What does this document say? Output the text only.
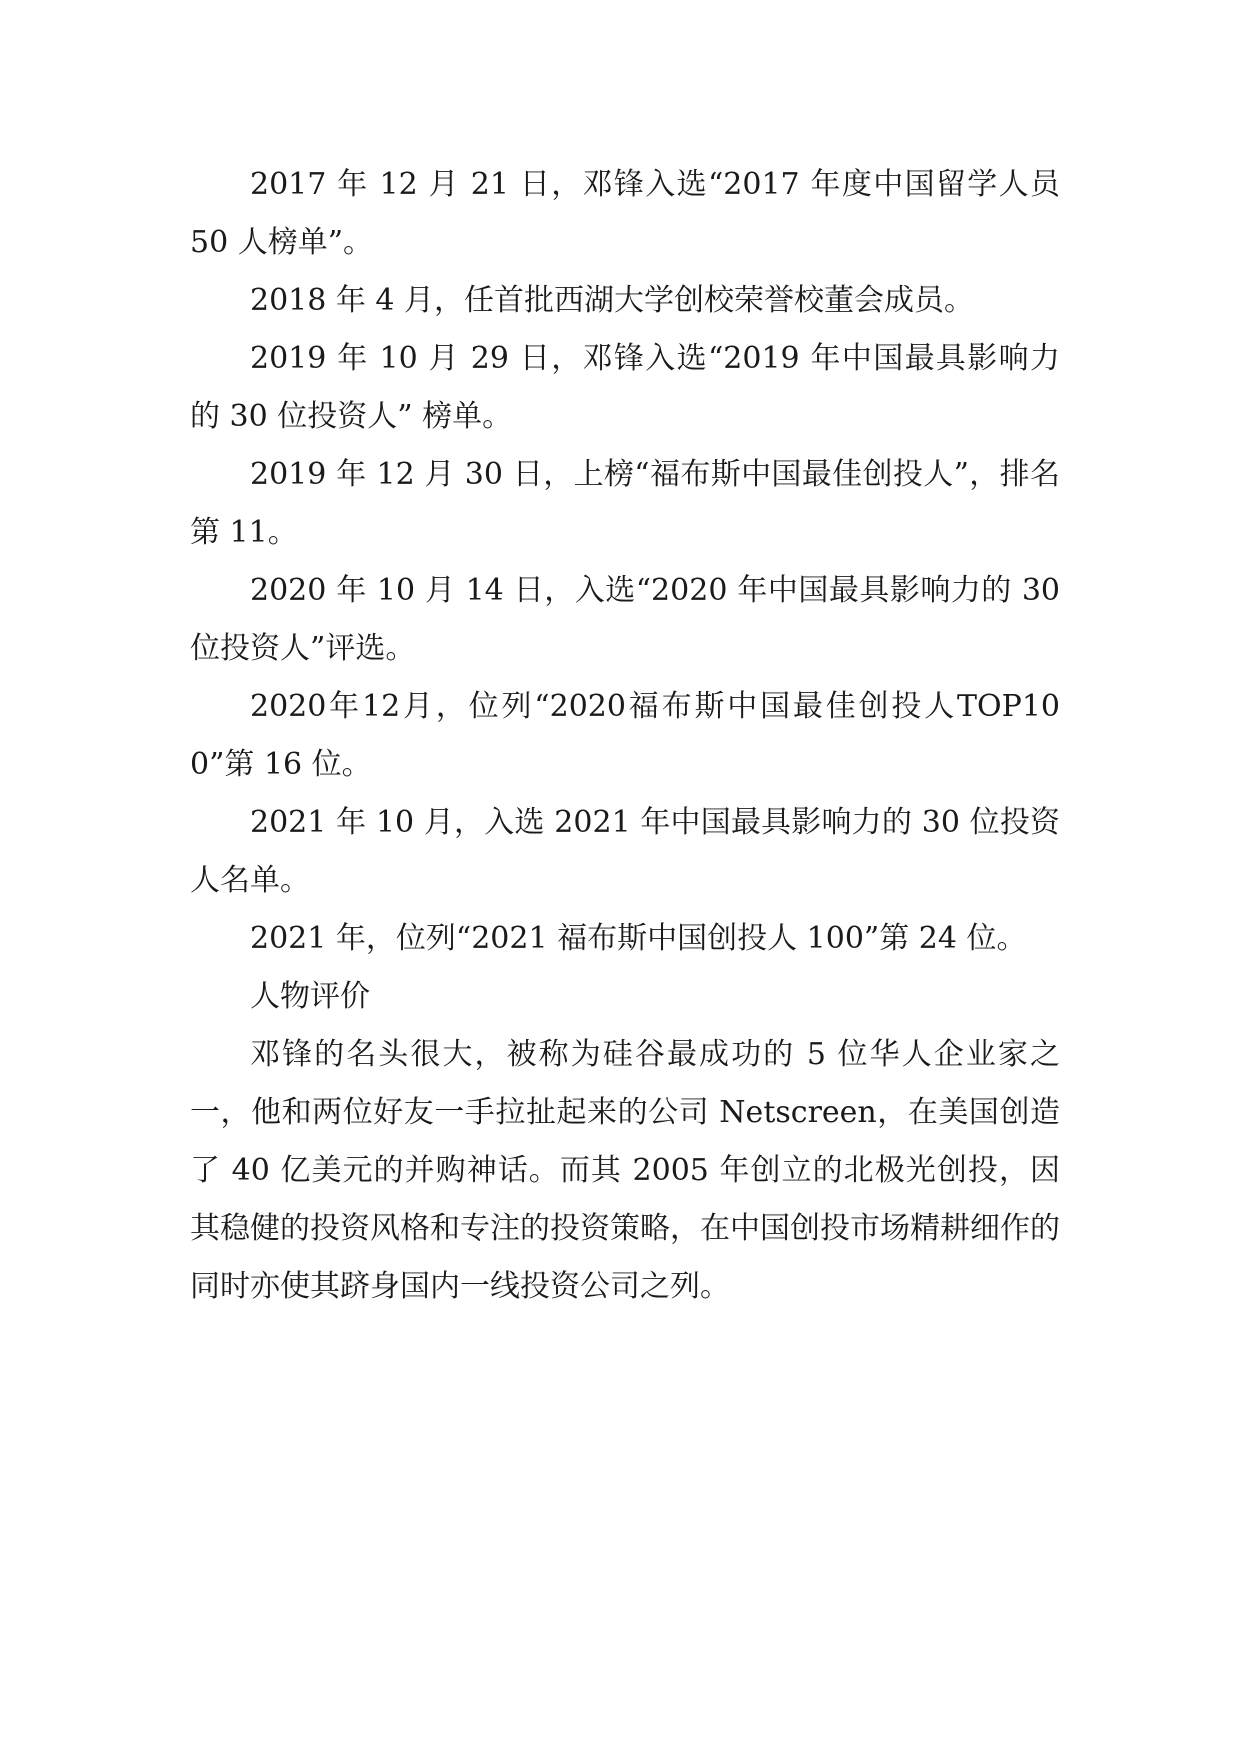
2017 年 12 月 21 日，邓锋入选“2017 年度中国留学人员 50 人榜单”。

2018 年 4 月，任首批西湖大学创校荣誉校董会成员。

2019 年 10 月 29 日，邓锋入选“2019 年中国最具影响力的 30 位投资人” 榜单。

2019 年 12 月 30 日，上榜“福布斯中国最佳创投人”，排名第 11。

2020 年 10 月 14 日，入选“2020 年中国最具影响力的 30 位投资人”评选。

2020年12月，位列“2020福布斯中国最佳创投人TOP100”第 16 位。

2021 年 10 月，入选 2021 年中国最具影响力的 30 位投资人名单。

2021 年，位列“2021 福布斯中国创投人 100”第 24 位。

人物评价

邓锋的名头很大，被称为硅谷最成功的 5 位华人企业家之一，他和两位好友一手拉扯起来的公司 Netscreen，在美国创造了 40 亿美元的并购神话。而其 2005 年创立的北极光创投，因其稳健的投资风格和专注的投资策略，在中国创投市场精耕细作的同时亦使其跻身国内一线投资公司之列。
